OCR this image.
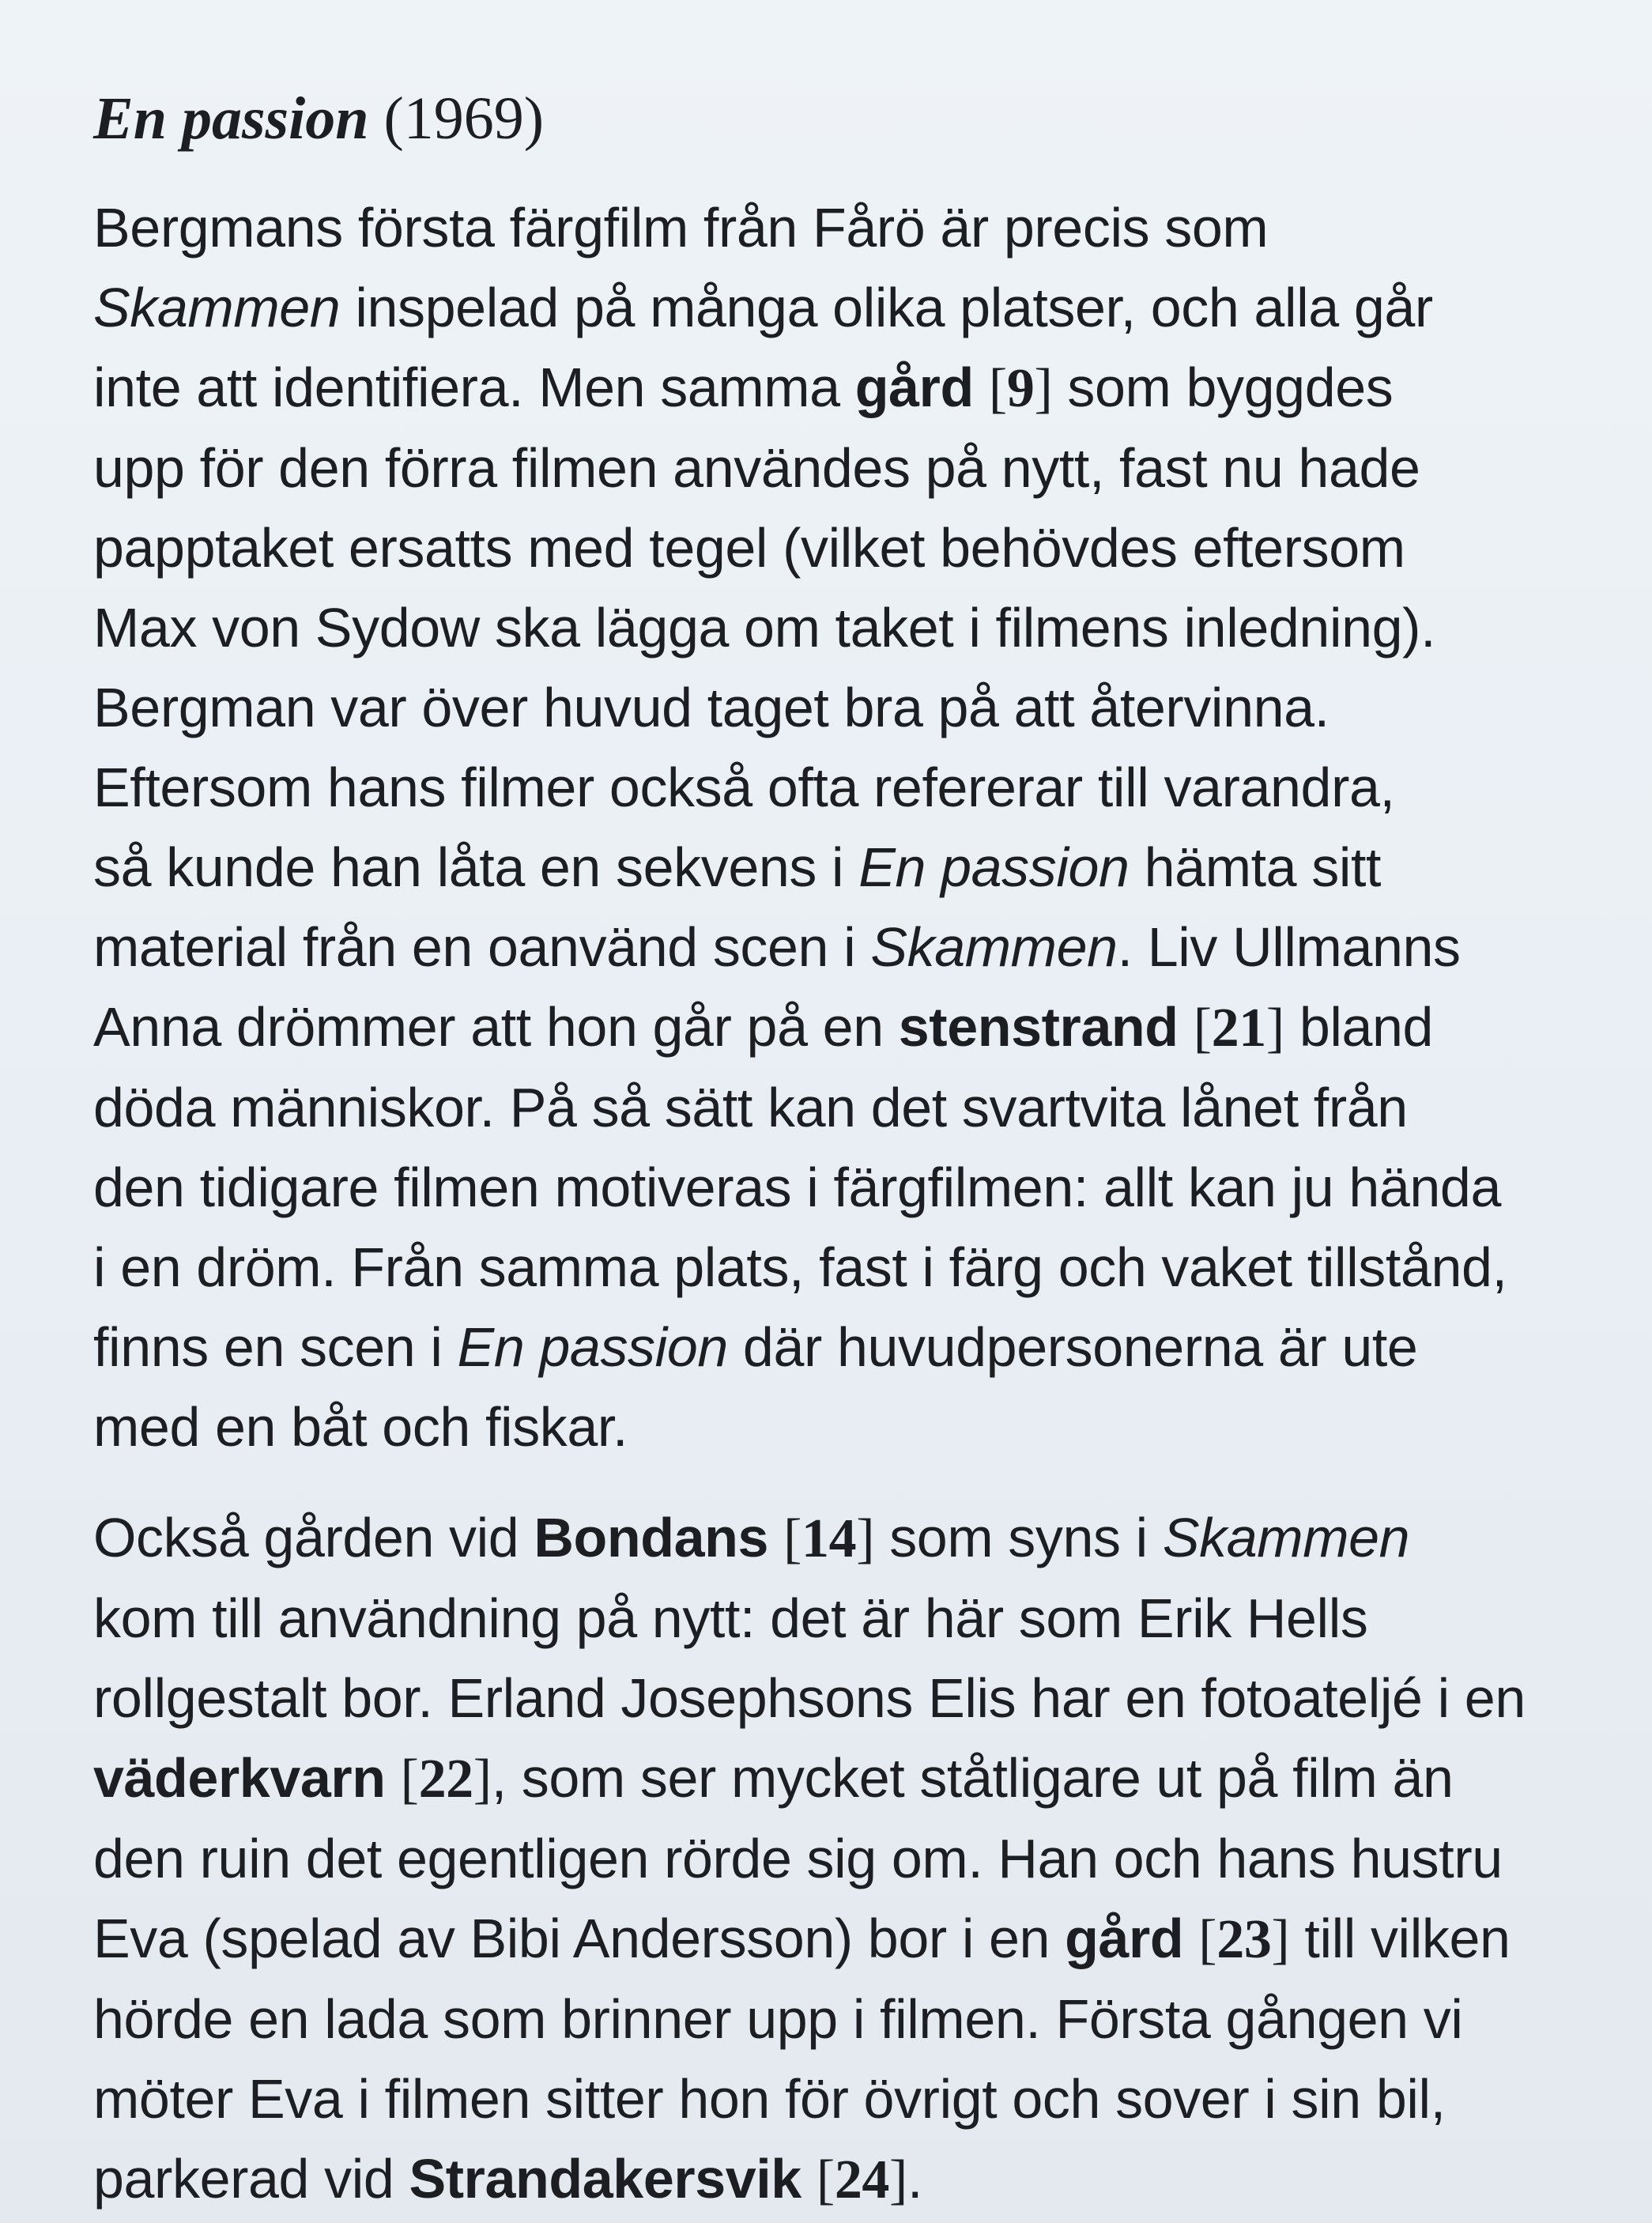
En passion (1969)

Bergmans första färgfilm från Fårö är precis som
Skammen inspelad på många olika platser, och alla går
inte att identifiera. Men samma gård [9] som byggdes
upp för den förra filmen användes på nytt, fast nu hade
papptaket ersatts med tegel (vilket behövdes eftersom
Max von Sydow ska lägga om taket i filmens inledning).
Bergman var över huvud taget bra på att återvinna.
Eftersom hans filmer också ofta refererar till varandra,
så kunde han låta en sekvens i En passion hämta sitt
material från en oanvänd scen i Skammen. Liv Ullmanns
Anna drömmer att hon går på en stenstrand [21] bland
döda människor. På så sätt kan det svartvita lånet från
den tidigare filmen motiveras i färgfilmen: allt kan ju hända
i en dröm. Från samma plats, fast i färg och vaket tillstånd,
finns en scen i En passion där huvudpersonerna är ute
med en båt och fiskar.

Också gården vid Bondans [14] som syns i Skammen
kom till användning på nytt: det är här som Erik Hells
rollgestalt bor. Erland Josephsons Elis har en fotoateljé i en
väderkvarn [22], som ser mycket ståtligare ut på film än
den ruin det egentligen rörde sig om. Han och hans hustru
Eva (spelad av Bibi Andersson) bor i en gård [23] till vilken
hörde en lada som brinner upp i filmen. Första gången vi
möter Eva i filmen sitter hon för övrigt och sover i sin bil,
parkerad vid Strandakersvik [24].
